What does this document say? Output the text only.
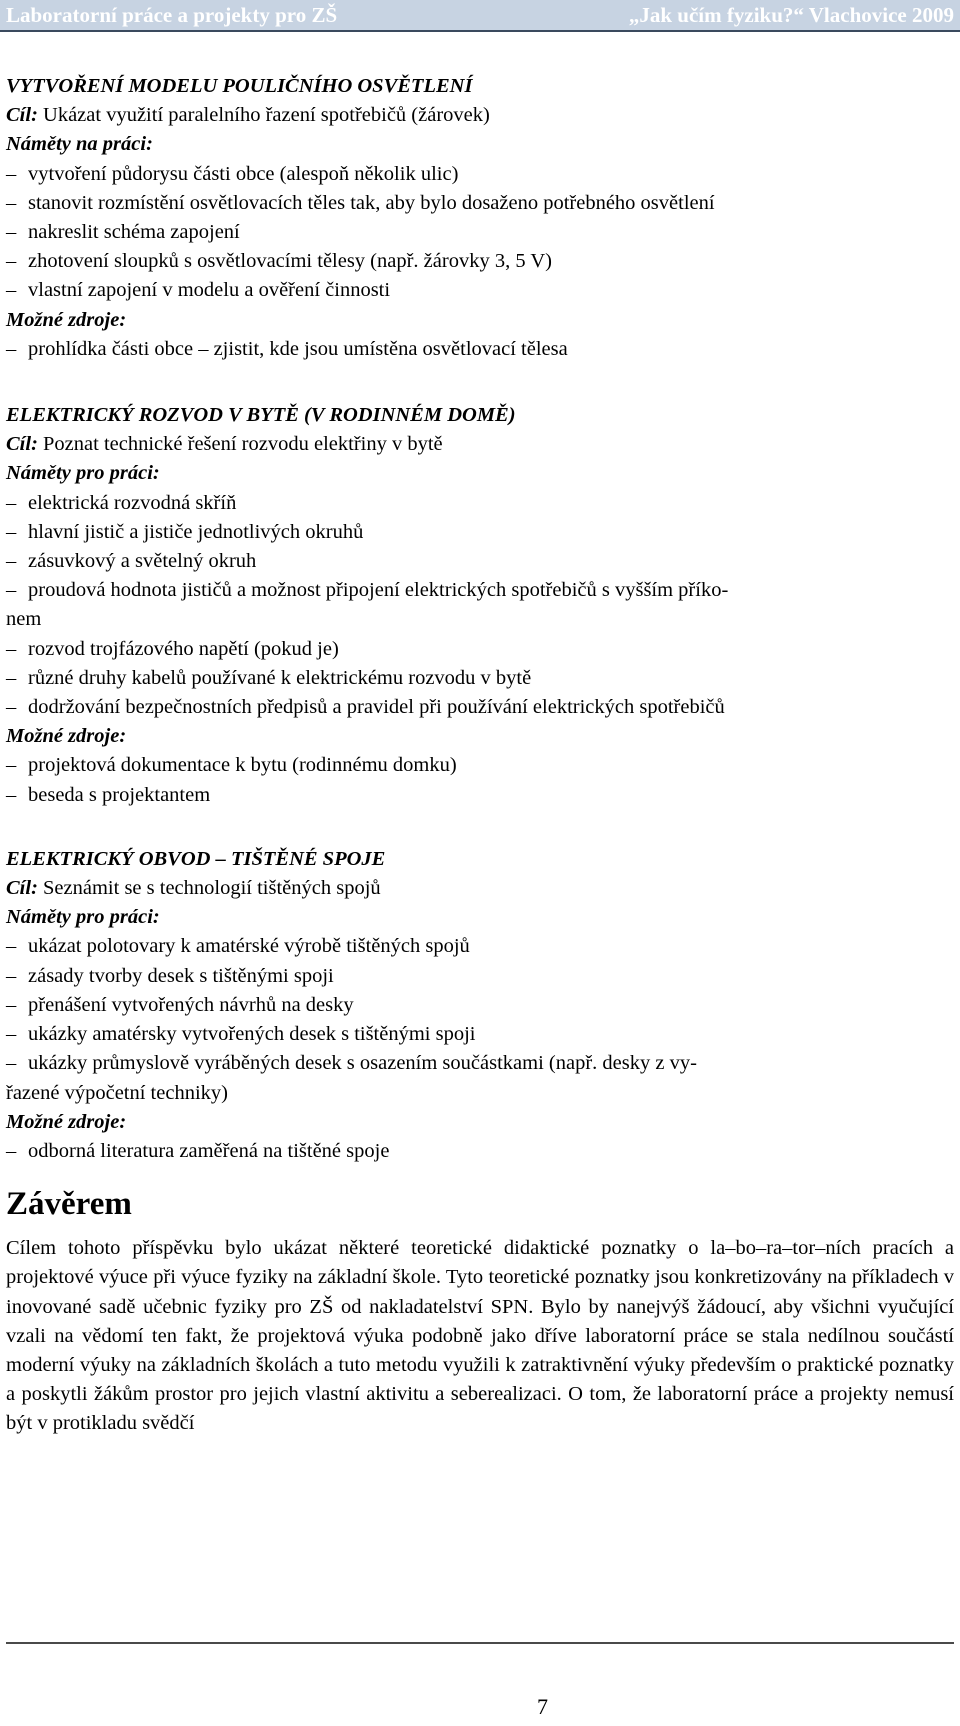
Laboratorní práce a projekty pro ZŠ	„Jak učím fyziku?“ Vlachovice 2009
VYTVOŘENÍ MODELU POULIČNÍHO OSVĚTLENÍ
Cíl: Ukázat využití paralelního řazení spotřebičů (žárovek)
Náměty na práci:
– vytvoření půdorysu části obce (alespoň několik ulic)
– stanovit rozmístění osvětlovacích těles tak, aby bylo dosaženo potřebného osvětlení
– nakreslit schéma zapojení
– zhotovení sloupků s osvětlovacími tělesy (např. žárovky 3, 5 V)
– vlastní zapojení v modelu a ověření činnosti
Možné zdroje:
– prohlídka části obce – zjistit, kde jsou umístěna osvětlovací tělesa
ELEKTRICKÝ ROZVOD V BYTĚ (V RODINNÉM DOMĚ)
Cíl: Poznat technické řešení rozvodu elektřiny v bytě
Náměty pro práci:
– elektrická rozvodná skříň
– hlavní jistič a jističe jednotlivých okruhů
– zásuvkový a světelný okruh
– proudová hodnota jističů a možnost připojení elektrických spotřebičů s vyšším příko-
nem
– rozvod trojfázového napětí (pokud je)
– různé druhy kabelů používané k elektrickému rozvodu v bytě
– dodržování bezpečnostních předpisů a pravidel při používání elektrických spotřebičů
Možné zdroje:
– projektová dokumentace k bytu (rodinnému domku)
– beseda s projektantem
ELEKTRICKÝ OBVOD – TIŠTĚNÉ SPOJE
Cíl: Seznámit se s technologií tištěných spojů
Náměty pro práci:
– ukázat polotovary k amatérské výrobě tištěných spojů
– zásady tvorby desek s tištěnými spoji
– přenášení vytvořených návrhů na desky
– ukázky amatérsky vytvořených desek s tištěnými spoji
– ukázky průmyslově vyráběných desek s osazením součástkami (např. desky z vy-
řazené výpočetní techniky)
Možné zdroje:
– odborná literatura zaměřená na tištěné spoje
Závěrem
Cílem tohoto příspěvku bylo ukázat některé teoretické didaktické poznatky o la–bo–ra–tor–ních pracích a projektové výuce při výuce fyziky na základní škole. Tyto teoretické poznatky jsou konkretizovány na příkladech v inovované sadě učebnic fyziky pro ZŠ od nakladatelství SPN. Bylo by nanejvýš žádoucí, aby všichni vyučující vzali na vědomí ten fakt, že projektová výuka podobně jako dříve laboratorní práce se stala nedílnou součástí moderní výuky na základních školách a tuto metodu využili k zatraktivnění výuky především o praktické poznatky a poskytli žákům prostor pro jejich vlastní aktivitu a seberealizaci. O tom, že laboratorní práce a projekty nemusí být v protikladu svědčí
7
